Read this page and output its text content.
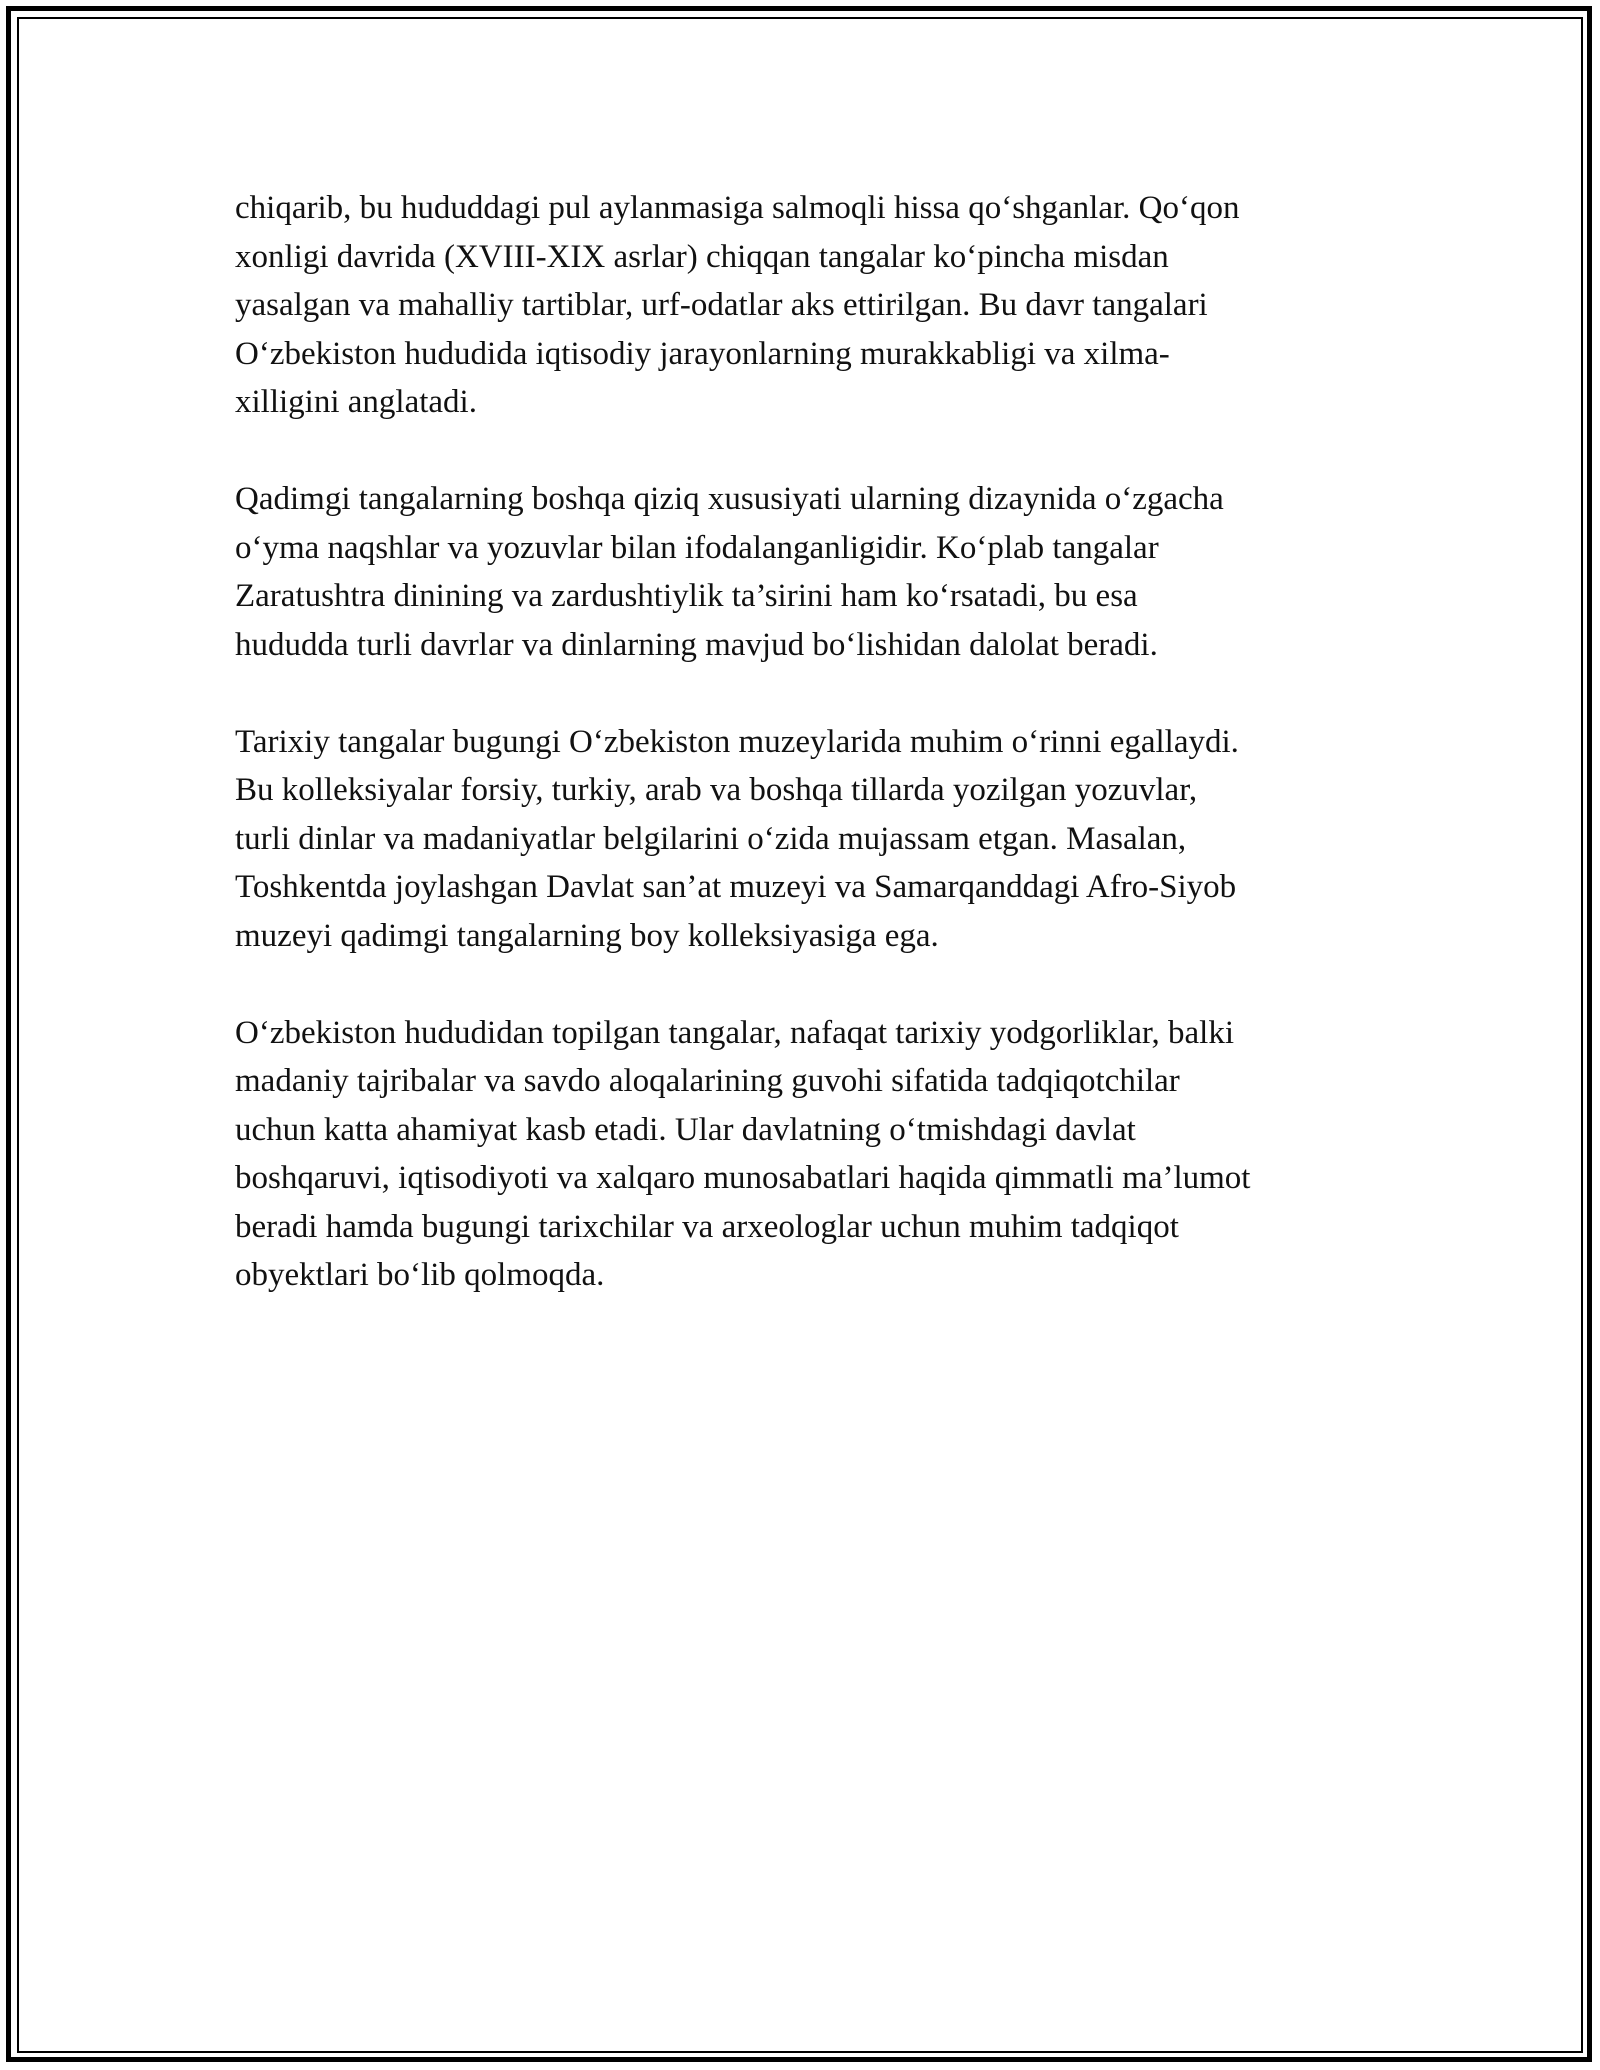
chiqarib, bu hududdagi pul aylanmasiga salmoqli hissa qo‘shganlar. Qo‘qon
xonligi davrida (XVIII-XIX asrlar) chiqqan tangalar ko‘pincha misdan
yasalgan va mahalliy tartiblar, urf-odatlar aks ettirilgan. Bu davr tangalari
O‘zbekiston hududida iqtisodiy jarayonlarning murakkabligi va xilma-
xilligini anglatadi.

Qadimgi tangalarning boshqa qiziq xususiyati ularning dizaynida o‘zgacha
o‘yma naqshlar va yozuvlar bilan ifodalanganligidir. Ko‘plab tangalar
Zaratushtra dinining va zardushtiylik ta’sirini ham ko‘rsatadi, bu esa
hududda turli davrlar va dinlarning mavjud bo‘lishidan dalolat beradi.

Tarixiy tangalar bugungi O‘zbekiston muzeylarida muhim o‘rinni egallaydi.
Bu kolleksiyalar forsiy, turkiy, arab va boshqa tillarda yozilgan yozuvlar,
turli dinlar va madaniyatlar belgilarini o‘zida mujassam etgan. Masalan,
Toshkentda joylashgan Davlat san’at muzeyi va Samarqanddagi Afro-Siyob
muzeyi qadimgi tangalarning boy kolleksiyasiga ega.

O‘zbekiston hududidan topilgan tangalar, nafaqat tarixiy yodgorliklar, balki
madaniy tajribalar va savdo aloqalarining guvohi sifatida tadqiqotchilar
uchun katta ahamiyat kasb etadi. Ular davlatning o‘tmishdagi davlat
boshqaruvi, iqtisodiyoti va xalqaro munosabatlari haqida qimmatli ma’lumot
beradi hamda bugungi tarixchilar va arxeologlar uchun muhim tadqiqot
obyektlari bo‘lib qolmoqda.
